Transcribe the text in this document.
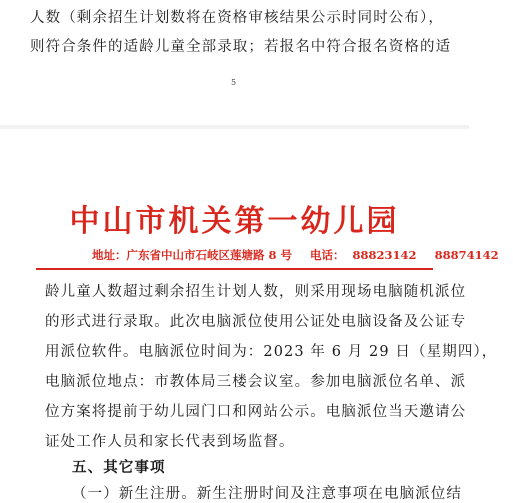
人数（剩余招生计划数将在资格审核结果公示时同时公布），
则符合条件的适龄儿童全部录取；若报名中符合报名资格的适
5
中山市机关第一幼儿园
地址：广东省中山市石岐区莲塘路 8 号 电话： 88823142 88874142
龄儿童人数超过剩余招生计划人数，则采用现场电脑随机派位
的形式进行录取。此次电脑派位使用公证处电脑设备及公证专
用派位软件。电脑派位时间为：2023 年 6 月 29 日（星期四），
电脑派位地点：市教体局三楼会议室。参加电脑派位名单、派
位方案将提前于幼儿园门口和网站公示。电脑派位当天邀请公
证处工作人员和家长代表到场监督。
五、其它事项
（一）新生注册。新生注册时间及注意事项在电脑派位结
